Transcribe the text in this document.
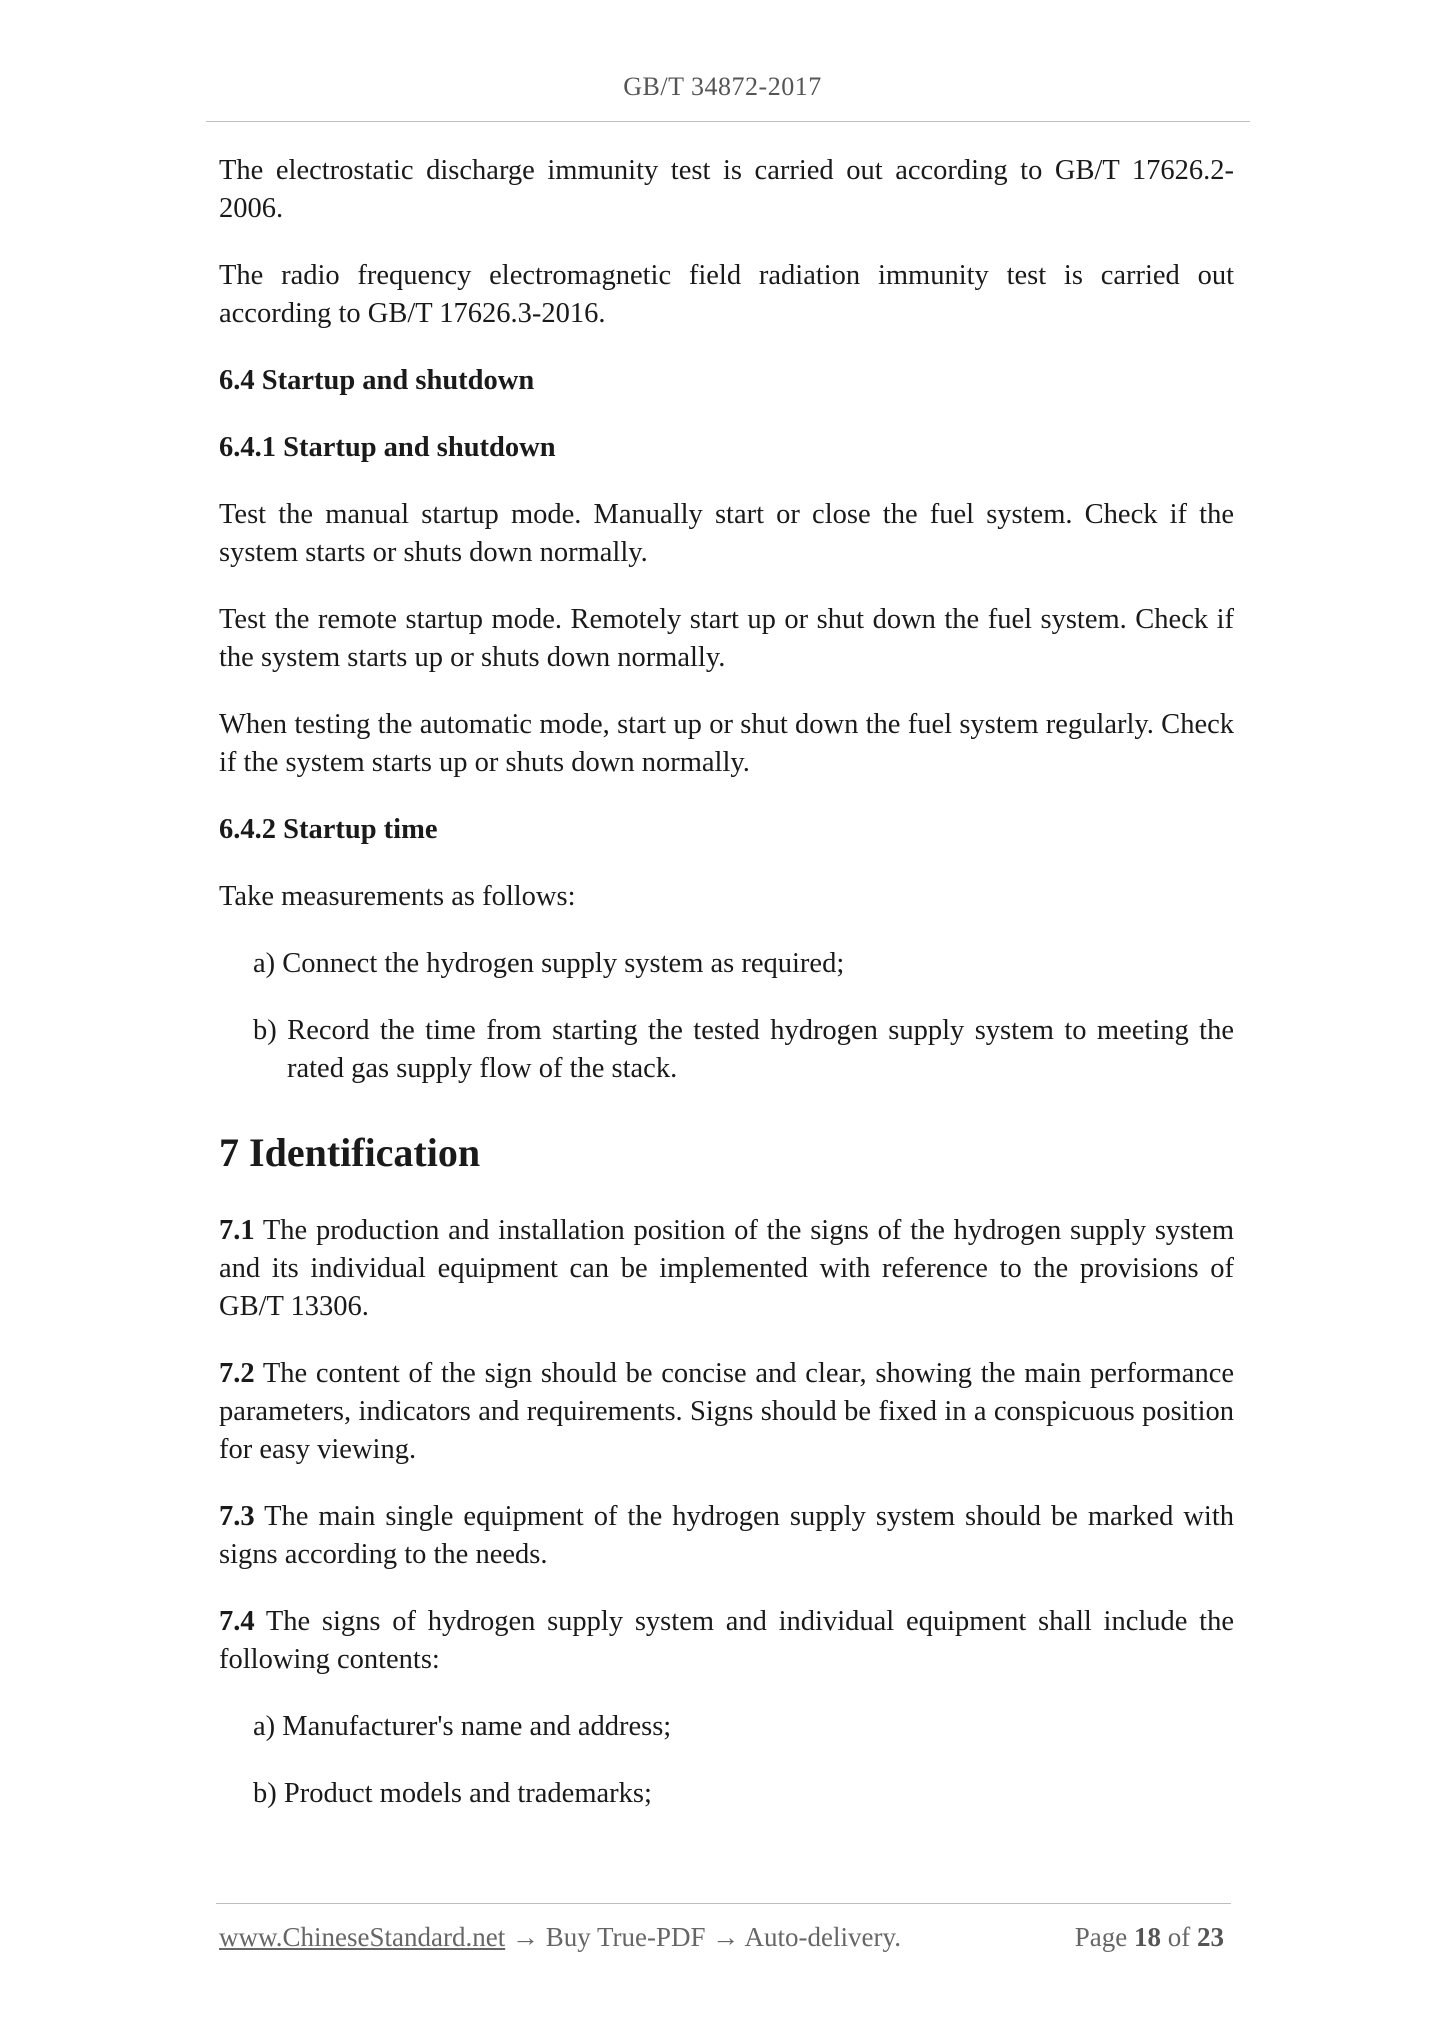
GB/T 34872-2017

The electrostatic discharge immunity test is carried out according to GB/T 17626.2-2006.

The radio frequency electromagnetic field radiation immunity test is carried out according to GB/T 17626.3-2016.

6.4 Startup and shutdown
6.4.1 Startup and shutdown

Test the manual startup mode. Manually start or close the fuel system. Check if the system starts or shuts down normally.

Test the remote startup mode. Remotely start up or shut down the fuel system. Check if the system starts up or shuts down normally.

When testing the automatic mode, start up or shut down the fuel system regularly. Check if the system starts up or shuts down normally.

6.4.2 Startup time

Take measurements as follows:

a) Connect the hydrogen supply system as required;
b) Record the time from starting the tested hydrogen supply system to meeting the rated gas supply flow of the stack.
7 Identification

7.1 The production and installation position of the signs of the hydrogen supply system and its individual equipment can be implemented with reference to the provisions of GB/T 13306.

7.2 The content of the sign should be concise and clear, showing the main performance parameters, indicators and requirements. Signs should be fixed in a conspicuous position for easy viewing.

7.3 The main single equipment of the hydrogen supply system should be marked with signs according to the needs.

7.4 The signs of hydrogen supply system and individual equipment shall include the following contents:

a) Manufacturer's name and address;
b) Product models and trademarks;
www.ChineseStandard.net → Buy True-PDF → Auto-delivery.	Page 18 of 23
